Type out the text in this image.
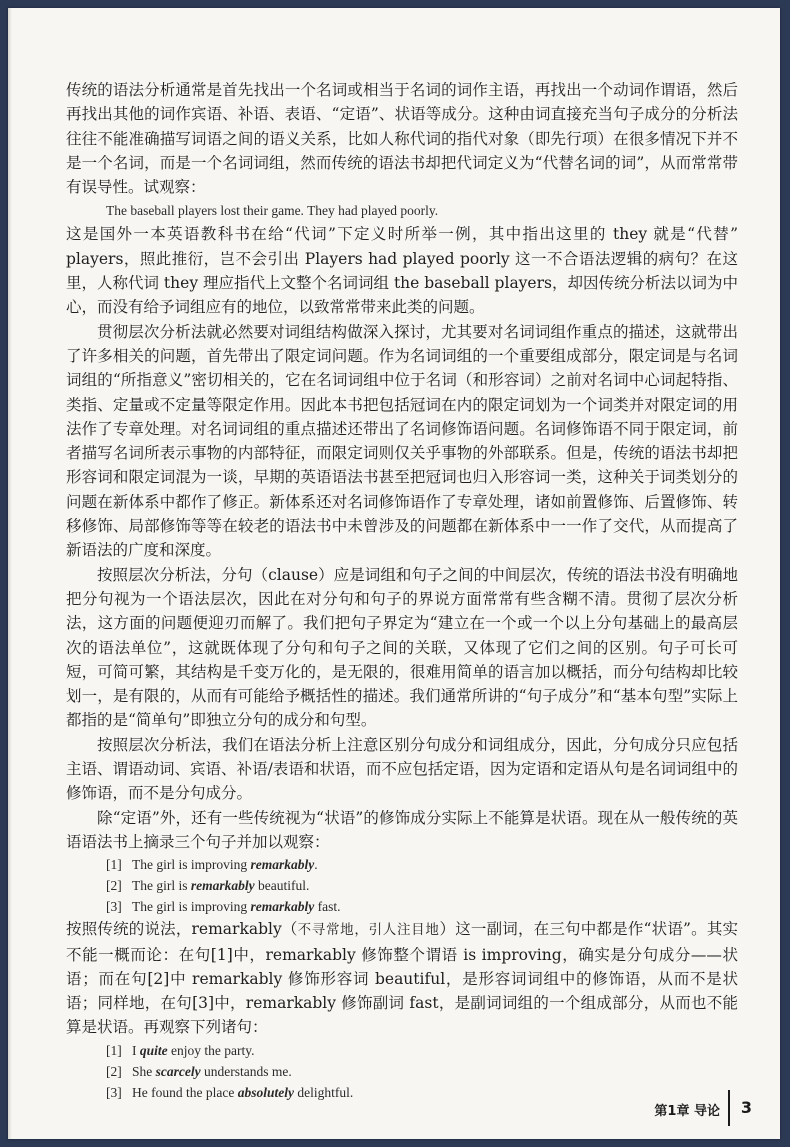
传统的语法分析通常是首先找出一个名词或相当于名词的词作主语，再找出一个动词作谓语，然后再找出其他的词作宾语、补语、表语、“定语”、状语等成分。这种由词直接充当句子成分的分析法往往不能准确描写词语之间的语义关系，比如人称代词的指代对象（即先行项）在很多情况下并不是一个名词，而是一个名词词组，然而传统的语法书却把代词定义为“代替名词的词”，从而常常带有误导性。试观察：

The baseball players lost their game. They had played poorly.

这是国外一本英语教科书在给“代词”下定义时所举一例，其中指出这里的 they 就是“代替” players，照此推衍，岂不会引出 Players had played poorly 这一不合语法逻辑的病句？在这里，人称代词 they 理应指代上文整个名词词组 the baseball players，却因传统分析法以词为中心，而没有给予词组应有的地位，以致常常带来此类的问题。

贯彻层次分析法就必然要对词组结构做深入探讨，尤其要对名词词组作重点的描述，这就带出了许多相关的问题，首先带出了限定词问题。作为名词词组的一个重要组成部分，限定词是与名词词组的“所指意义”密切相关的，它在名词词组中位于名词（和形容词）之前对名词中心词起特指、类指、定量或不定量等限定作用。因此本书把包括冠词在内的限定词划为一个词类并对限定词的用法作了专章处理。对名词词组的重点描述还带出了名词修饰语问题。名词修饰语不同于限定词，前者描写名词所表示事物的内部特征，而限定词则仅关乎事物的外部联系。但是，传统的语法书却把形容词和限定词混为一谈，早期的英语语法书甚至把冠词也归入形容词一类，这种关于词类划分的问题在新体系中都作了修正。新体系还对名词修饰语作了专章处理，诸如前置修饰、后置修饰、转移修饰、局部修饰等等在较老的语法书中未曾涉及的问题都在新体系中一一作了交代，从而提高了新语法的广度和深度。

按照层次分析法，分句（clause）应是词组和句子之间的中间层次，传统的语法书没有明确地把分句视为一个语法层次，因此在对分句和句子的界说方面常常有些含糊不清。贯彻了层次分析法，这方面的问题便迎刃而解了。我们把句子界定为“建立在一个或一个以上分句基础上的最高层次的语法单位”，这就既体现了分句和句子之间的关联，又体现了它们之间的区别。句子可长可短，可简可繁，其结构是千变万化的，是无限的，很难用简单的语言加以概括，而分句结构却比较划一，是有限的，从而有可能给予概括性的描述。我们通常所讲的“句子成分”和“基本句型”实际上都指的是“简单句”即独立分句的成分和句型。

按照层次分析法，我们在语法分析上注意区别分句成分和词组成分，因此，分句成分只应包括主语、谓语动词、宾语、补语/表语和状语，而不应包括定语，因为定语和定语从句是名词词组中的修饰语，而不是分句成分。

除“定语”外，还有一些传统视为“状语”的修饰成分实际上不能算是状语。现在从一般传统的英语语法书上摘录三个句子并加以观察：

[1] The girl is improving remarkably.

[2] The girl is remarkably beautiful.

[3] The girl is improving remarkably fast.

按照传统的说法，remarkably（不寻常地，引人注目地）这一副词，在三句中都是作“状语”。其实不能一概而论：在句[1]中，remarkably 修饰整个谓语 is improving，确实是分句成分——状语；而在句[2]中 remarkably 修饰形容词 beautiful，是形容词词组中的修饰语，从而不是状语；同样地，在句[3]中，remarkably 修饰副词 fast，是副词词组的一个组成部分，从而也不能算是状语。再观察下列诸句：

[1] I quite enjoy the party.

[2] She scarcely understands me.

[3] He found the place absolutely delightful.

第1章 导论 3
